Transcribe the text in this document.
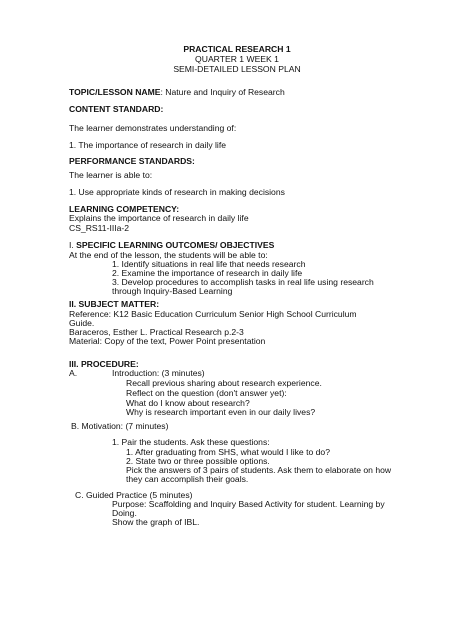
PRACTICAL RESEARCH 1
QUARTER 1 WEEK 1
SEMI-DETAILED LESSON PLAN
TOPIC/LESSON NAME: Nature and Inquiry of Research
CONTENT STANDARD:
The learner demonstrates understanding of:
1. The importance of research in daily life
PERFORMANCE STANDARDS:
The learner is able to:
1. Use appropriate kinds of research in making decisions
LEARNING COMPETENCY:
Explains the importance of research in daily life
CS_RS11-IIIa-2
I. SPECIFIC LEARNING OUTCOMES/ OBJECTIVES
At the end of the lesson, the students will be able to:
1. Identify situations in real life that needs research
2. Examine the importance of research in daily life
3. Develop procedures to accomplish tasks in real life using research
through Inquiry-Based Learning
II. SUBJECT MATTER:
Reference: K12 Basic Education Curriculum Senior High School Curriculum
Guide.
Baraceros, Esther L. Practical Research p.2-3
Material: Copy of the text, Power Point presentation
III. PROCEDURE:
A.	Introduction: (3 minutes)
Recall previous sharing about research experience.
Reflect on the question (don't answer yet):
What do I know about research?
Why is research important even in our daily lives?
B. Motivation: (7 minutes)
1. Pair the students. Ask these questions:
1. After graduating from SHS, what would I like to do?
2. State two or three possible options.
Pick the answers of 3 pairs of students. Ask them to elaborate on how
they can accomplish their goals.
C. Guided Practice (5 minutes)
Purpose: Scaffolding and Inquiry Based Activity for student. Learning by
Doing.
Show the graph of IBL.
